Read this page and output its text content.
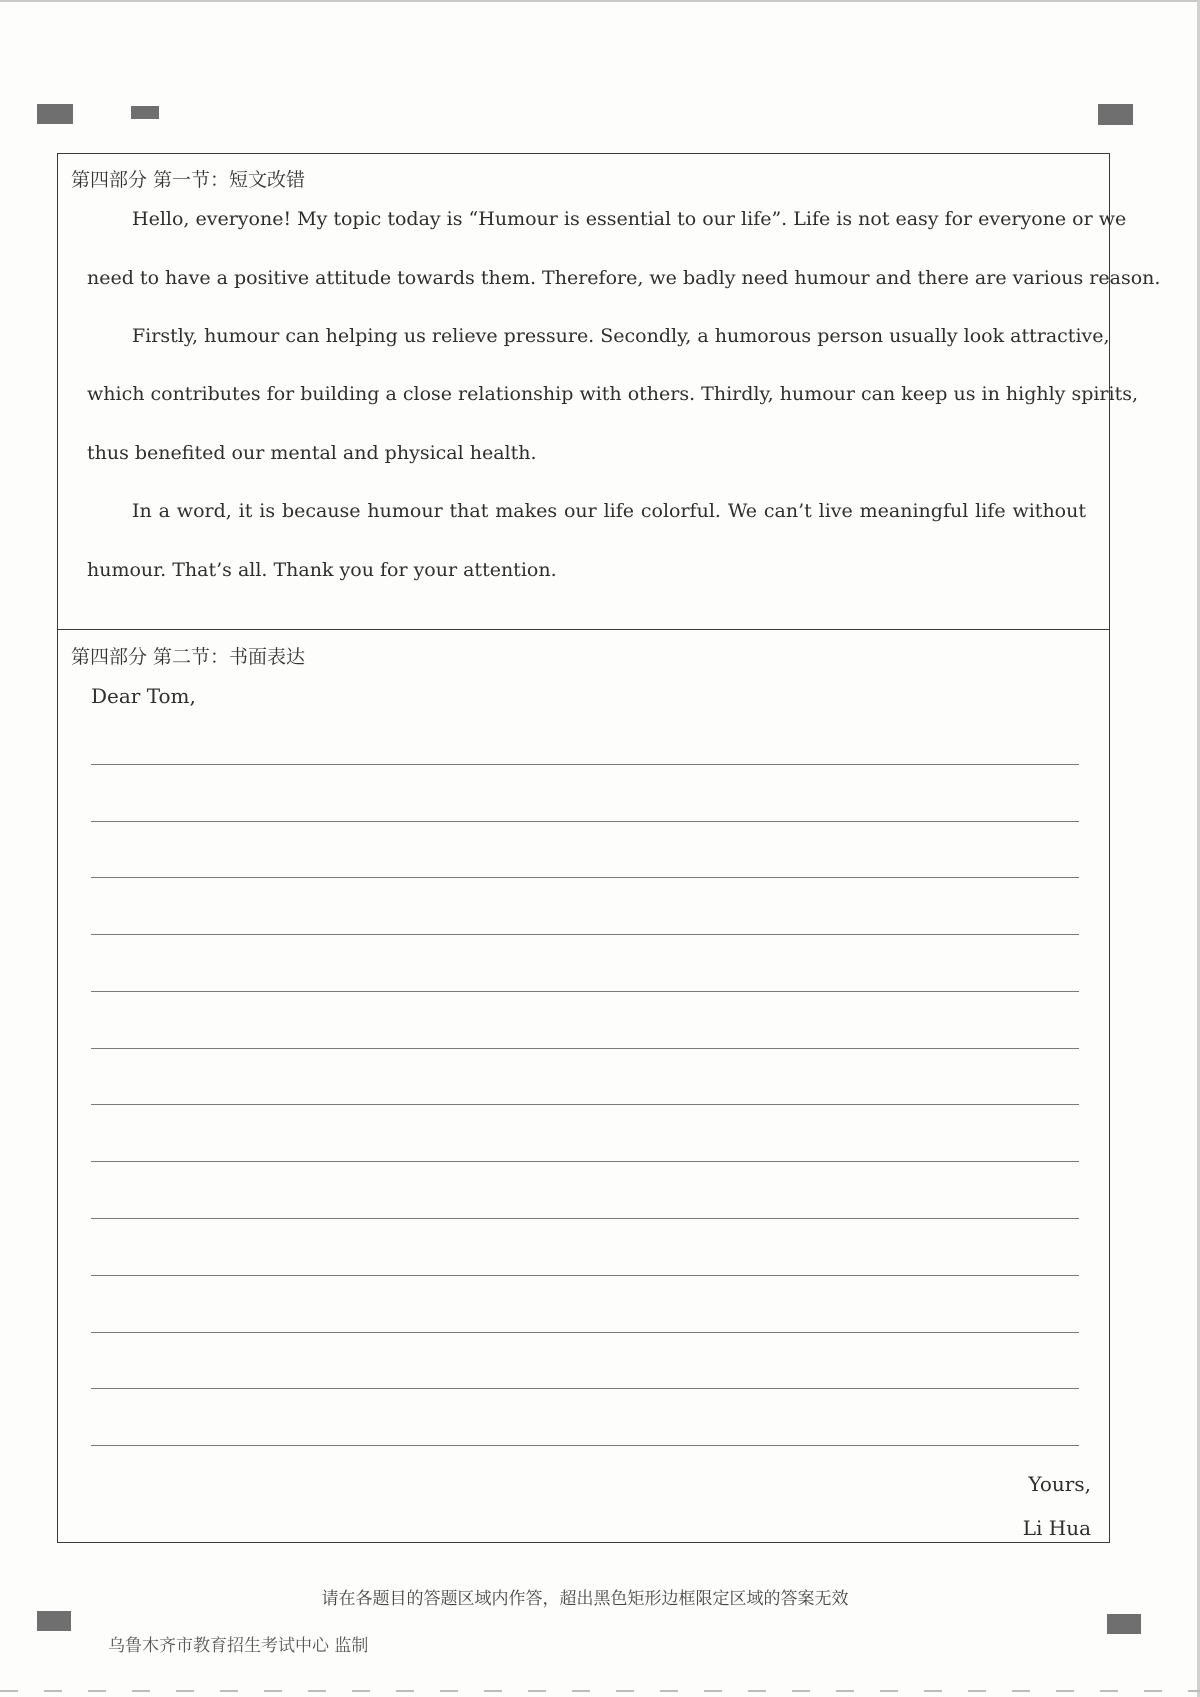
第四部分 第一节：短文改错
Hello, everyone! My topic today is “Humour is essential to our life”. Life is not easy for everyone or we
need to have a positive attitude towards them. Therefore, we badly need humour and there are various reason.
Firstly, humour can helping us relieve pressure. Secondly, a humorous person usually look attractive,
which contributes for building a close relationship with others. Thirdly, humour can keep us in highly spirits,
thus benefited our mental and physical health.
In a word, it is because humour that makes our life colorful. We can’t live meaningful life without
humour. That’s all. Thank you for your attention.
第四部分 第二节：书面表达
Dear Tom,
Yours,
Li Hua
请在各题目的答题区域内作答，超出黑色矩形边框限定区域的答案无效
乌鲁木齐市教育招生考试中心 监制
